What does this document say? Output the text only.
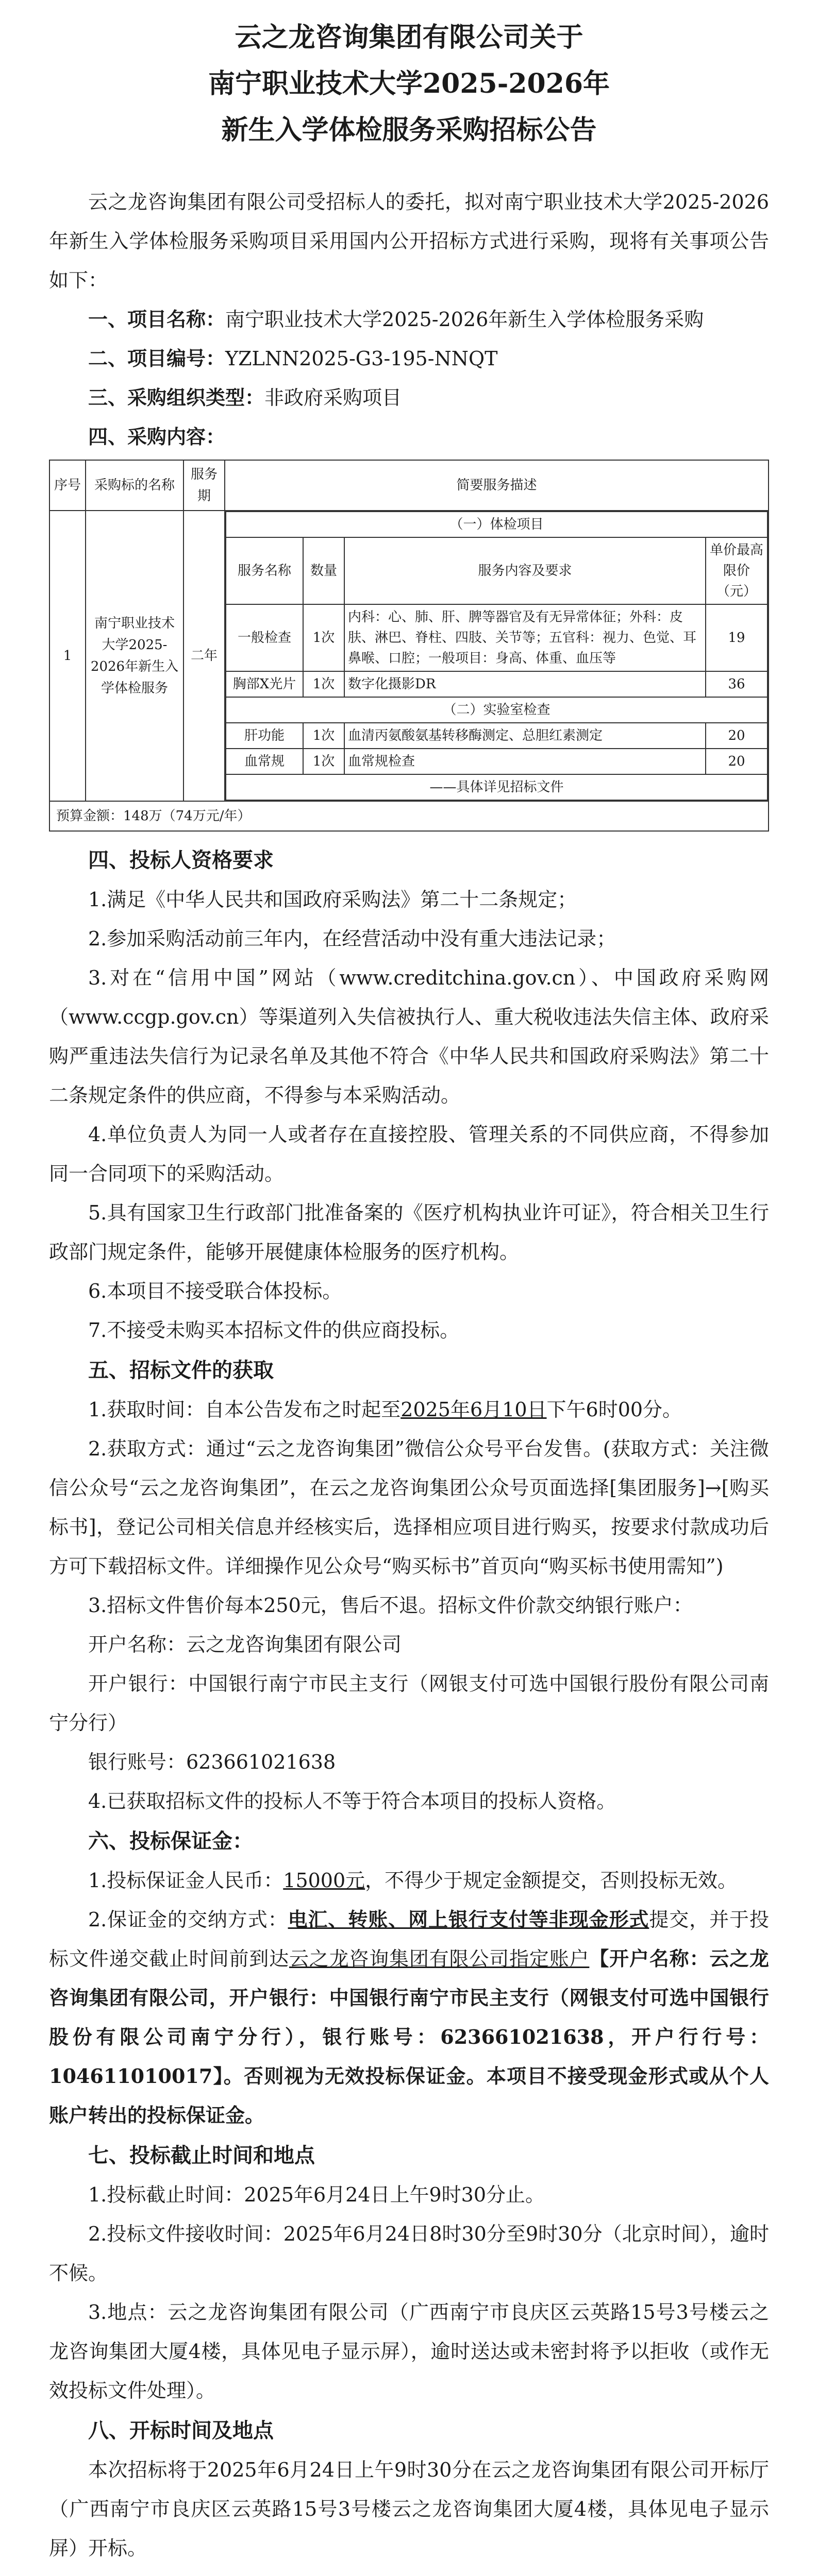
云之龙咨询集团有限公司关于
南宁职业技术大学2025-2026年
新生入学体检服务采购招标公告

云之龙咨询集团有限公司受招标人的委托，拟对南宁职业技术大学2025-2026年新生入学体检服务采购项目采用国内公开招标方式进行采购，现将有关事项公告如下：

一、项目名称：南宁职业技术大学2025-2026年新生入学体检服务采购

二、项目编号：YZLNN2025-G3-195-NNQT

三、采购组织类型：非政府采购项目

四、采购内容：

序号	采购标的名称	服务期	简要服务描述
1	南宁职业技术大学2025-2026年新生入学体检服务	二年	
（一）体检项目
服务名称	数量	服务内容及要求	单价最高限价（元）
一般检查	1次	内科：心、肺、肝、脾等器官及有无异常体征；外科：皮肤、淋巴、脊柱、四肢、关节等；五官科：视力、色觉、耳鼻喉、口腔；一般项目：身高、体重、血压等	19
胸部X光片	1次	数字化摄影DR	36
（二）实验室检查
肝功能	1次	血清丙氨酸氨基转移酶测定、总胆红素测定	20
血常规	1次	血常规检查	20
——具体详见招标文件
预算金额：148万（74万元/年）
四、投标人资格要求

1.满足《中华人民共和国政府采购法》第二十二条规定；

2.参加采购活动前三年内，在经营活动中没有重大违法记录；

3.对在“信用中国”网站（www.creditchina.gov.cn）、中国政府采购网（www.ccgp.gov.cn）等渠道列入失信被执行人、重大税收违法失信主体、政府采购严重违法失信行为记录名单及其他不符合《中华人民共和国政府采购法》第二十二条规定条件的供应商，不得参与本采购活动。

4.单位负责人为同一人或者存在直接控股、管理关系的不同供应商，不得参加同一合同项下的采购活动。

5.具有国家卫生行政部门批准备案的《医疗机构执业许可证》，符合相关卫生行政部门规定条件，能够开展健康体检服务的医疗机构。

6.本项目不接受联合体投标。

7.不接受未购买本招标文件的供应商投标。

五、招标文件的获取

1.获取时间：自本公告发布之时起至2025年6月10日下午6时00分。

2.获取方式：通过“云之龙咨询集团”微信公众号平台发售。(获取方式：关注微信公众号“云之龙咨询集团”，在云之龙咨询集团公众号页面选择[集团服务]→[购买标书]，登记公司相关信息并经核实后，选择相应项目进行购买，按要求付款成功后方可下载招标文件。详细操作见公众号“购买标书”首页向“购买标书使用需知”)

3.招标文件售价每本250元，售后不退。招标文件价款交纳银行账户：

开户名称：云之龙咨询集团有限公司

开户银行：中国银行南宁市民主支行（网银支付可选中国银行股份有限公司南宁分行）

银行账号：623661021638

4.已获取招标文件的投标人不等于符合本项目的投标人资格。

六、投标保证金：

1.投标保证金人民币：15000元，不得少于规定金额提交，否则投标无效。

2.保证金的交纳方式：电汇、转账、网上银行支付等非现金形式提交，并于投标文件递交截止时间前到达云之龙咨询集团有限公司指定账户【开户名称：云之龙咨询集团有限公司，开户银行：中国银行南宁市民主支行（网银支付可选中国银行股份有限公司南宁分行），银行账号：623661021638，开户行行号：104611010017】。否则视为无效投标保证金。本项目不接受现金形式或从个人账户转出的投标保证金。

七、投标截止时间和地点

1.投标截止时间：2025年6月24日上午9时30分止。

2.投标文件接收时间：2025年6月24日8时30分至9时30分（北京时间），逾时不候。

3.地点：云之龙咨询集团有限公司（广西南宁市良庆区云英路15号3号楼云之龙咨询集团大厦4楼，具体见电子显示屏），逾时送达或未密封将予以拒收（或作无效投标文件处理）。

八、开标时间及地点

本次招标将于2025年6月24日上午9时30分在云之龙咨询集团有限公司开标厅（广西南宁市良庆区云英路15号3号楼云之龙咨询集团大厦4楼，具体见电子显示屏）开标。
